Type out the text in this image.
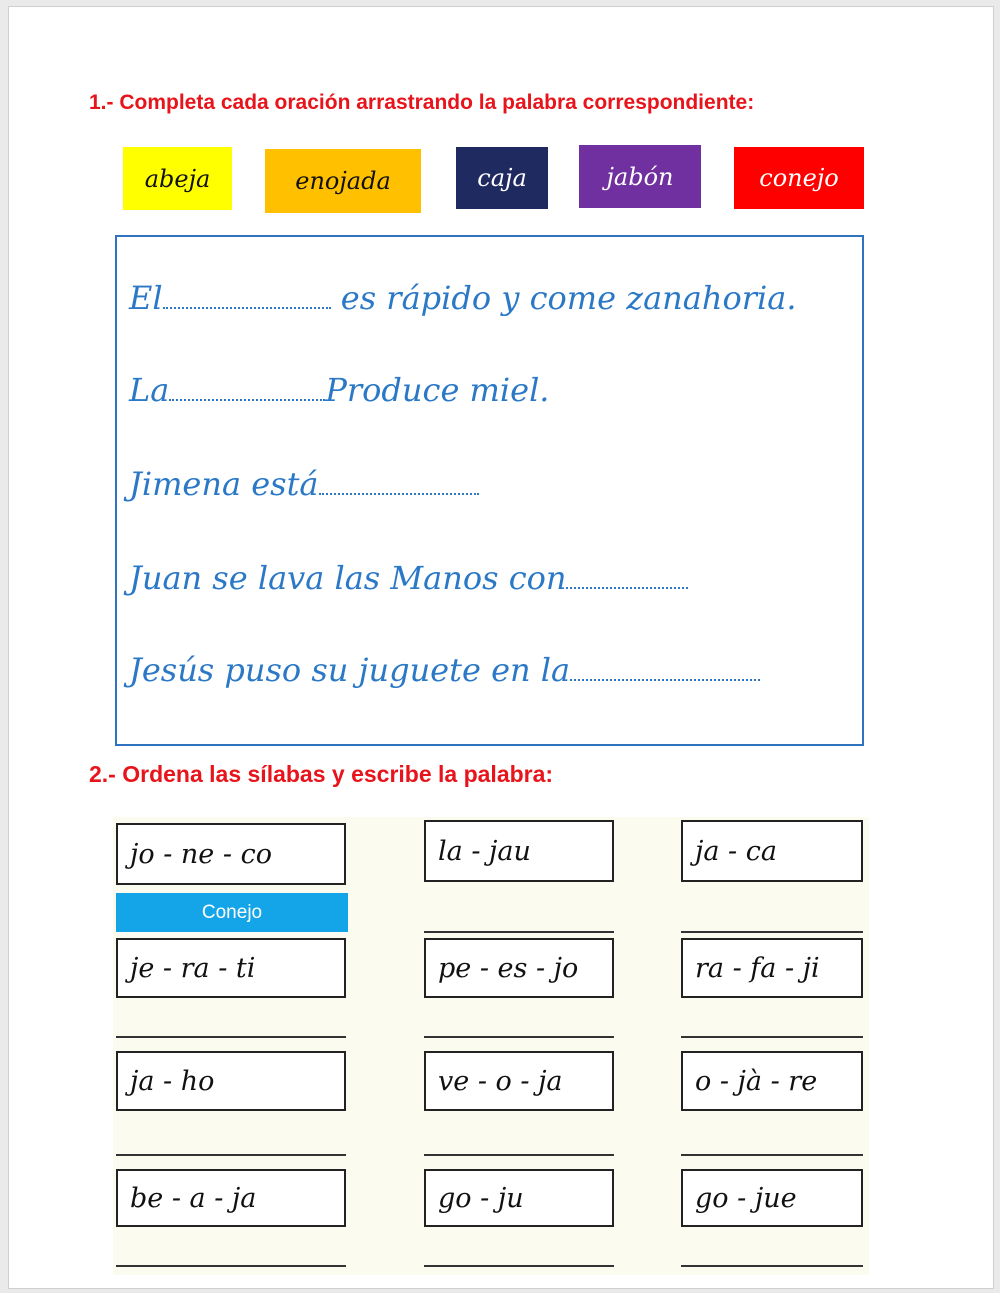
1.- Completa cada oración arrastrando la palabra correspondiente:
abeja	enojada	caja	jabón	conejo
El	es rápido y come zanahoria.
La	Produce miel.
Jimena está
Juan se lava las Manos con
Jesús puso su juguete en la
2.- Ordena las sílabas y escribe la palabra:
jo - ne - co
Conejo
la - jau	ja - ca
je - ra - ti	pe - es - jo	ra - fa - ji
ja - ho	ve - o - ja	o - jà - re
be - a - ja	go - ju	go - jue
